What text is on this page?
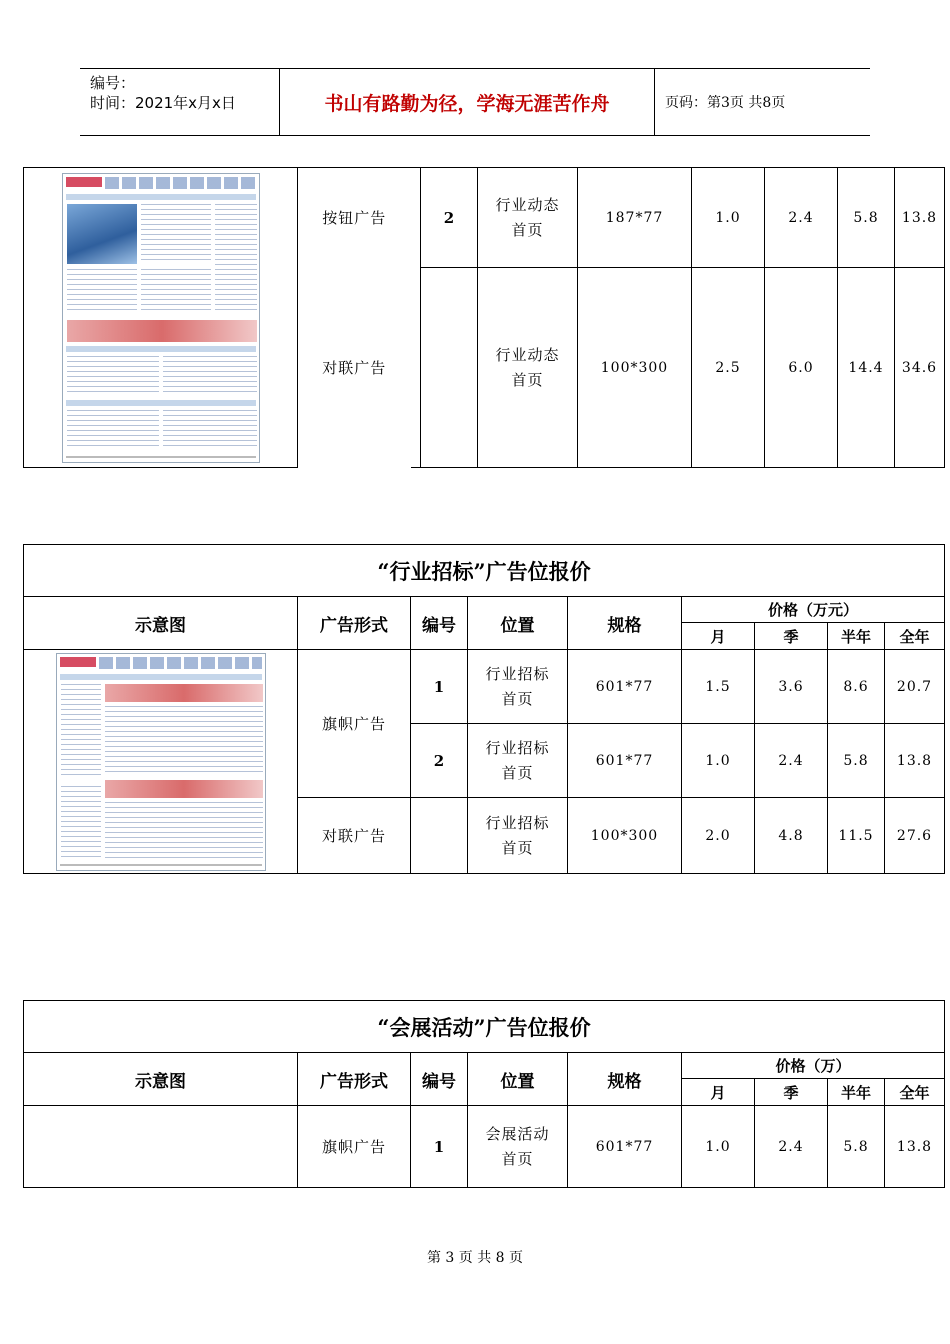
编号：
时间：2021年x月x日	书山有路勤为径，学海无涯苦作舟	页码：第3页 共8页
	按钮广告		2	行业动态
首页	187*77	1.0	2.4	5.8	13.8
	对联广告			行业动态
首页	100*300	2.5	6.0	14.4	34.6
“行业招标”广告位报价								
示意图	广告形式	编号	位置	规格	价格（万元）			
					月	季	半年	全年

	旗帜广告	1	行业招标
首页	601*77	1.5	3.6	8.6	20.7
		2	行业招标
首页	601*77	1.0	2.4	5.8	13.8
	对联广告		行业招标
首页	100*300	2.0	4.8	11.5	27.6
“会展活动”广告位报价								
示意图	广告形式	编号	位置	规格	价格（万）			
					月	季	半年	全年
	旗帜广告	1	会展活动
首页	601*77	1.0	2.4	5.8	13.8
第 3 页 共 8 页
